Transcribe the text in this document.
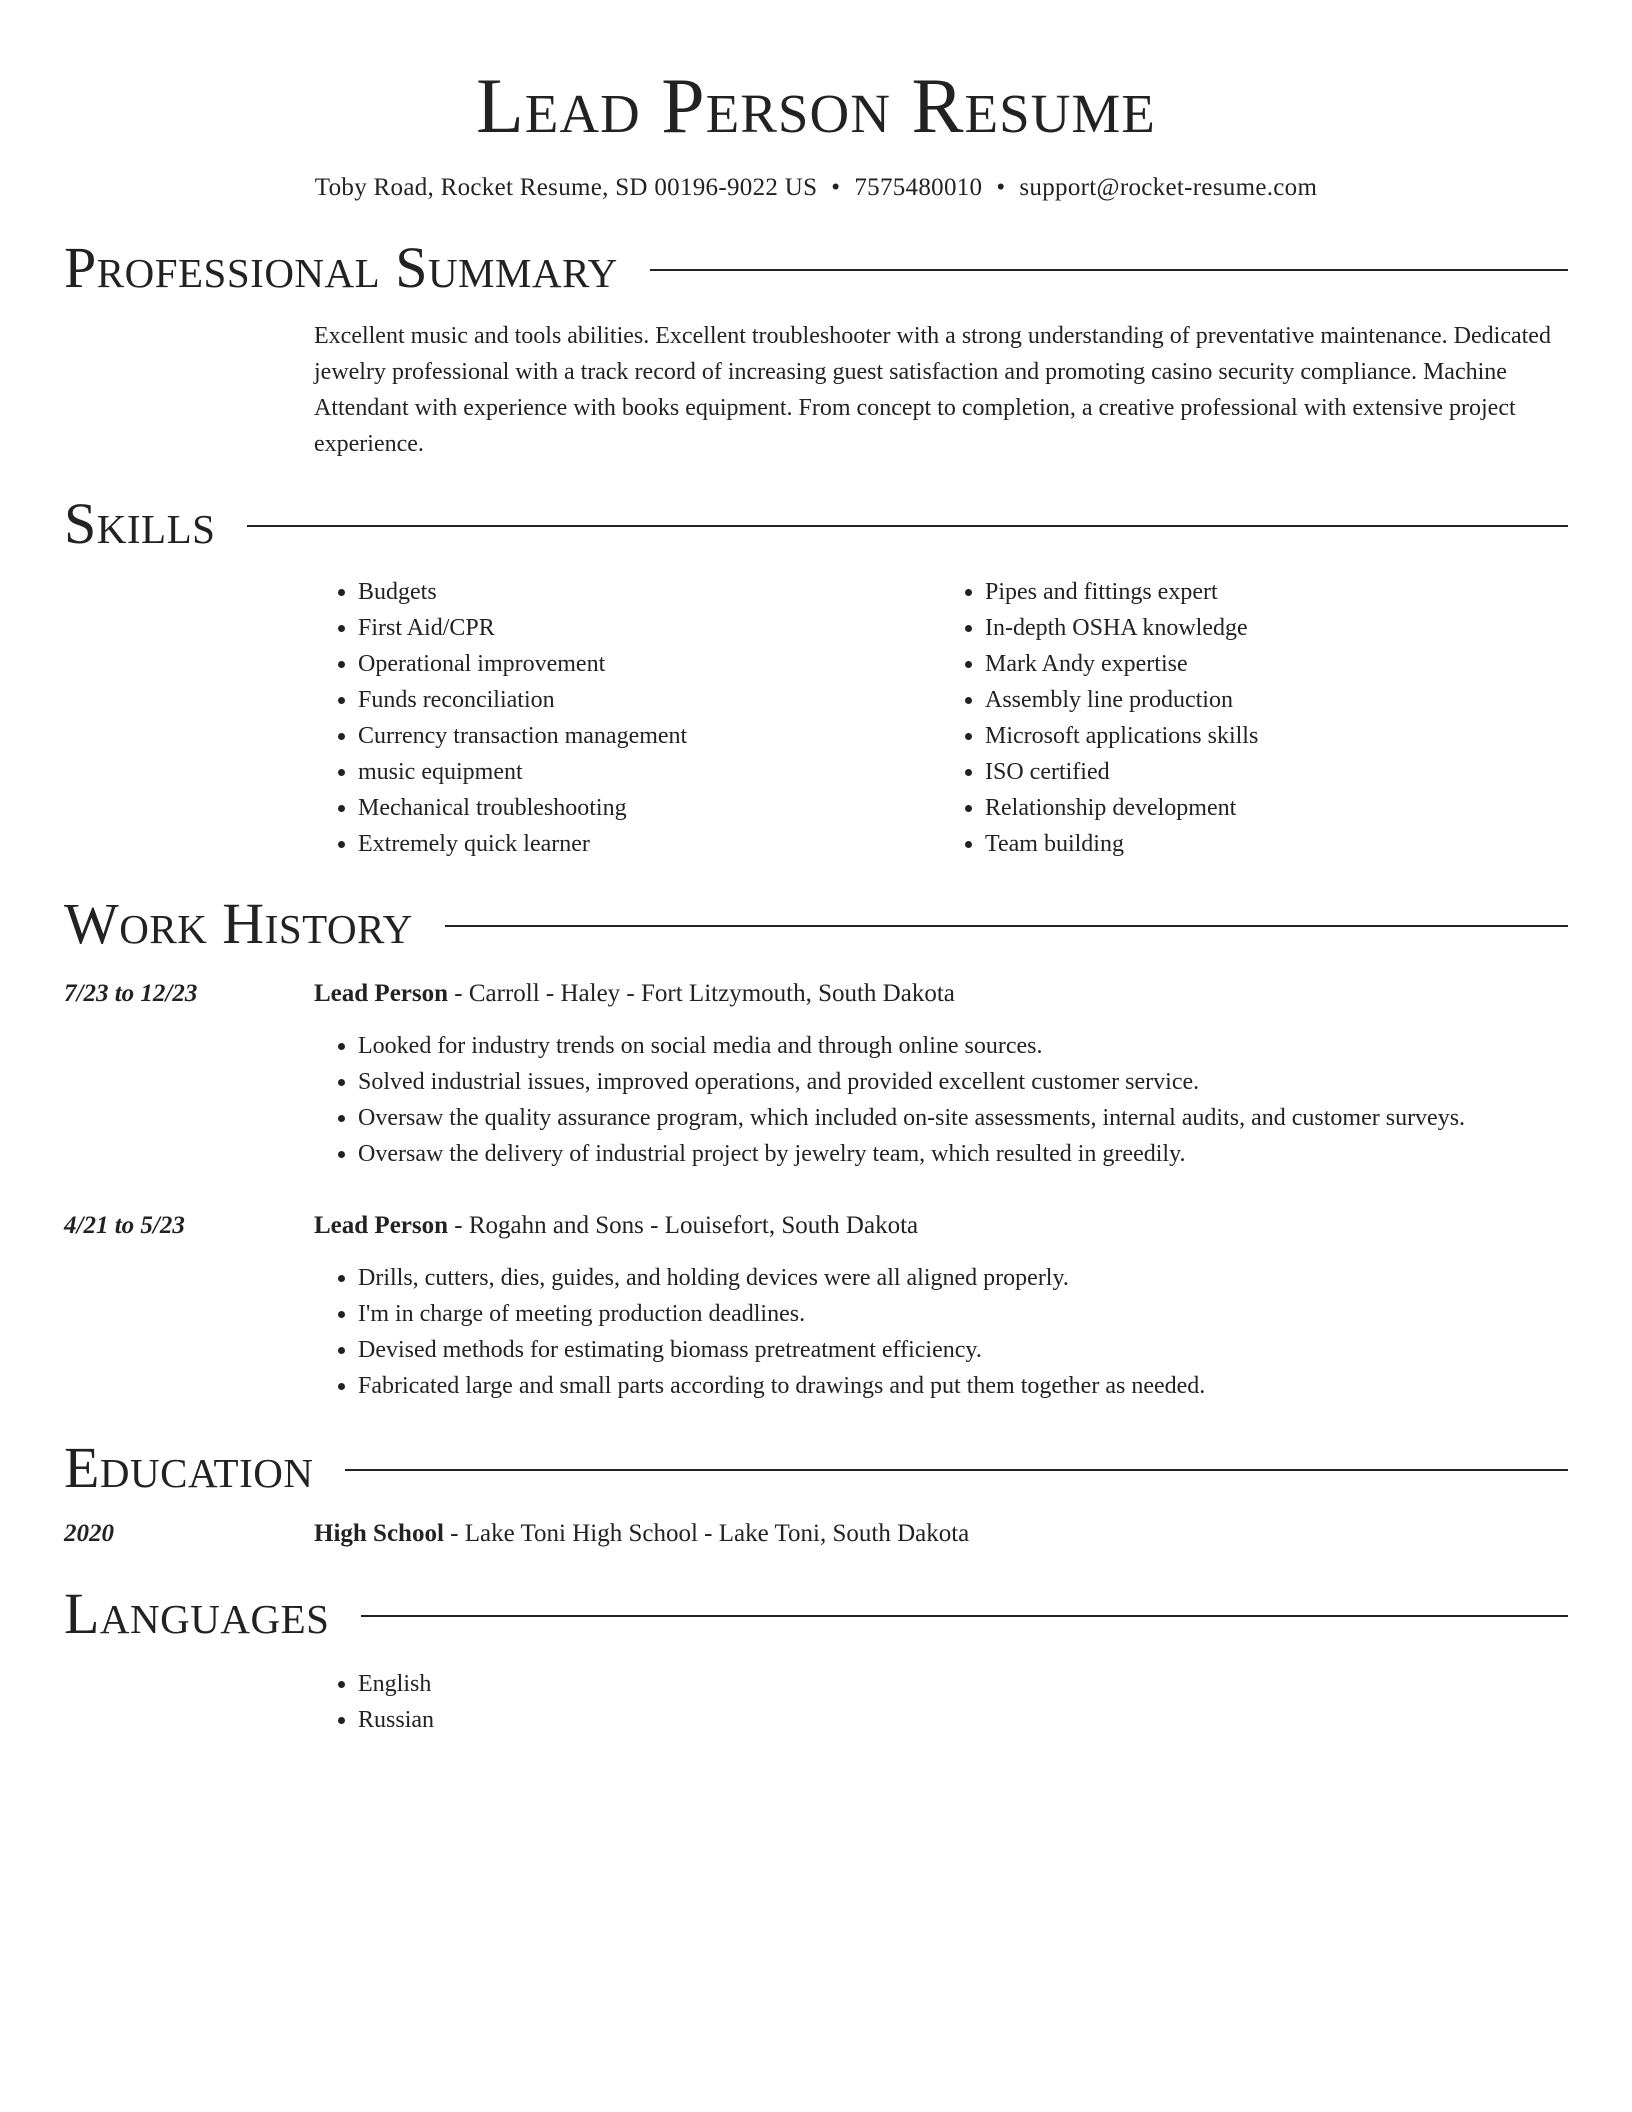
Lead Person Resume
Toby Road, Rocket Resume, SD 00196-9022 US • 7575480010 • support@rocket-resume.com
Professional Summary
Excellent music and tools abilities. Excellent troubleshooter with a strong understanding of preventative maintenance. Dedicated jewelry professional with a track record of increasing guest satisfaction and promoting casino security compliance. Machine Attendant with experience with books equipment. From concept to completion, a creative professional with extensive project experience.
Skills
• Budgets
• First Aid/CPR
• Operational improvement
• Funds reconciliation
• Currency transaction management
• music equipment
• Mechanical troubleshooting
• Extremely quick learner
• Pipes and fittings expert
• In-depth OSHA knowledge
• Mark Andy expertise
• Assembly line production
• Microsoft applications skills
• ISO certified
• Relationship development
• Team building
Work History
7/23 to 12/23	Lead Person - Carroll - Haley - Fort Litzymouth, South Dakota
• Looked for industry trends on social media and through online sources.
• Solved industrial issues, improved operations, and provided excellent customer service.
• Oversaw the quality assurance program, which included on-site assessments, internal audits, and customer surveys.
• Oversaw the delivery of industrial project by jewelry team, which resulted in greedily.
4/21 to 5/23	Lead Person - Rogahn and Sons - Louisefort, South Dakota
• Drills, cutters, dies, guides, and holding devices were all aligned properly.
• I'm in charge of meeting production deadlines.
• Devised methods for estimating biomass pretreatment efficiency.
• Fabricated large and small parts according to drawings and put them together as needed.
Education
2020	High School - Lake Toni High School - Lake Toni, South Dakota
Languages
• English
• Russian
